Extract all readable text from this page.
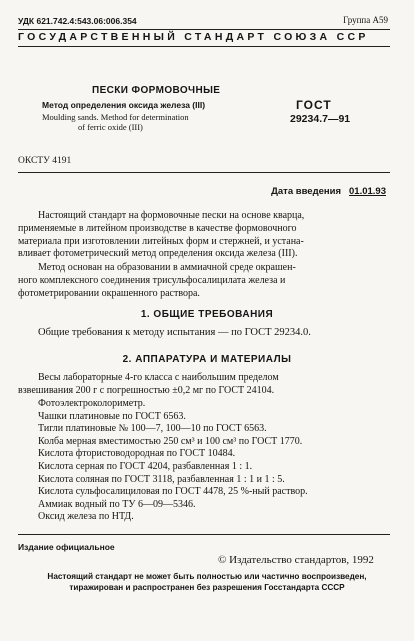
УДК 621.742.4:543.06:006.354	Группа А59
ГОСУДАРСТВЕННЫЙ СТАНДАРТ СОЮЗА ССР
ПЕСКИ ФОРМОВОЧНЫЕ
Метод определения оксида железа (III)
Moulding sands. Method for determination
of ferric oxide (III)
ГОСТ
29234.7—91
ОКСТУ 4191
Дата введения 01.01.93
Настоящий стандарт на формовочные пески на основе кварца,
применяемые в литейном производстве в качестве формовочного
материала при изготовлении литейных форм и стержней, и устана-
вливает фотометрический метод определения оксида железа (III).
Метод основан на образовании в аммиачной среде окрашен-
ного комплексного соединения трисульфосалицилата железа и
фотометрировании окрашенного раствора.
1. ОБЩИЕ ТРЕБОВАНИЯ
Общие требования к методу испытания — по ГОСТ 29234.0.
2. АППАРАТУРА И МАТЕРИАЛЫ
Весы лабораторные 4-го класса с наибольшим пределом
взвешивания 200 г с погрешностью ±0,2 мг по ГОСТ 24104.
Фотоэлектроколориметр.
Чашки платиновые по ГОСТ 6563.
Тигли платиновые № 100—7, 100—10 по ГОСТ 6563.
Колба мерная вместимостью 250 см³ и 100 см³ по ГОСТ 1770.
Кислота фтористоводородная по ГОСТ 10484.
Кислота серная по ГОСТ 4204, разбавленная 1 : 1.
Кислота соляная по ГОСТ 3118, разбавленная 1 : 1 и 1 : 5.
Кислота сульфосалициловая по ГОСТ 4478, 25 %-ный раствор.
Аммиак водный по ТУ 6—09—5346.
Оксид железа по НТД.
Издание официальное
© Издательство стандартов, 1992
Настоящий стандарт не может быть полностью или частично воспроизведен,
тиражирован и распространен без разрешения Госстандарта СССР
